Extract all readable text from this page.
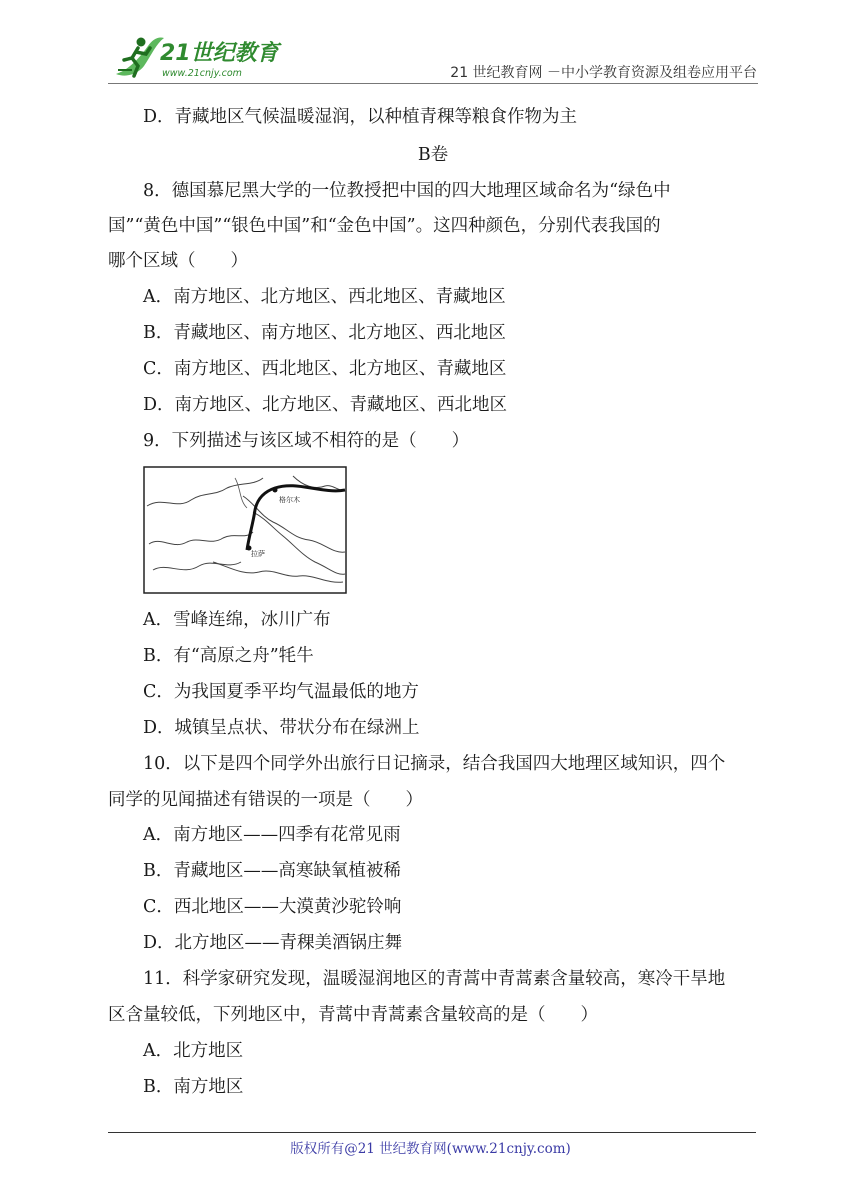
21世纪教育
www.21cnjy.com	21 世纪教育网 －中小学教育资源及组卷应用平台
D．青藏地区气候温暖湿润，以种植青稞等粮食作物为主
B卷
8．德国慕尼黑大学的一位教授把中国的四大地理区域命名为“绿色中
国”“黄色中国”“银色中国”和“金色中国”。这四种颜色，分别代表我国的
哪个区域（　　）
A．南方地区、北方地区、西北地区、青藏地区
B．青藏地区、南方地区、北方地区、西北地区
C．南方地区、西北地区、北方地区、青藏地区
D．南方地区、北方地区、青藏地区、西北地区
9．下列描述与该区域不相符的是（　　）
格尔木
拉萨
A．雪峰连绵，冰川广布
B．有“高原之舟”牦牛
C．为我国夏季平均气温最低的地方
D．城镇呈点状、带状分布在绿洲上
10．以下是四个同学外出旅行日记摘录，结合我国四大地理区域知识，四个
同学的见闻描述有错误的一项是（　　）
A．南方地区——四季有花常见雨
B．青藏地区——高寒缺氧植被稀
C．西北地区——大漠黄沙驼铃响
D．北方地区——青稞美酒锅庄舞
11．科学家研究发现，温暖湿润地区的青蒿中青蒿素含量较高，寒冷干旱地
区含量较低，下列地区中，青蒿中青蒿素含量较高的是（　　）
A．北方地区
B．南方地区
版权所有@21 世纪教育网(www.21cnjy.com)
